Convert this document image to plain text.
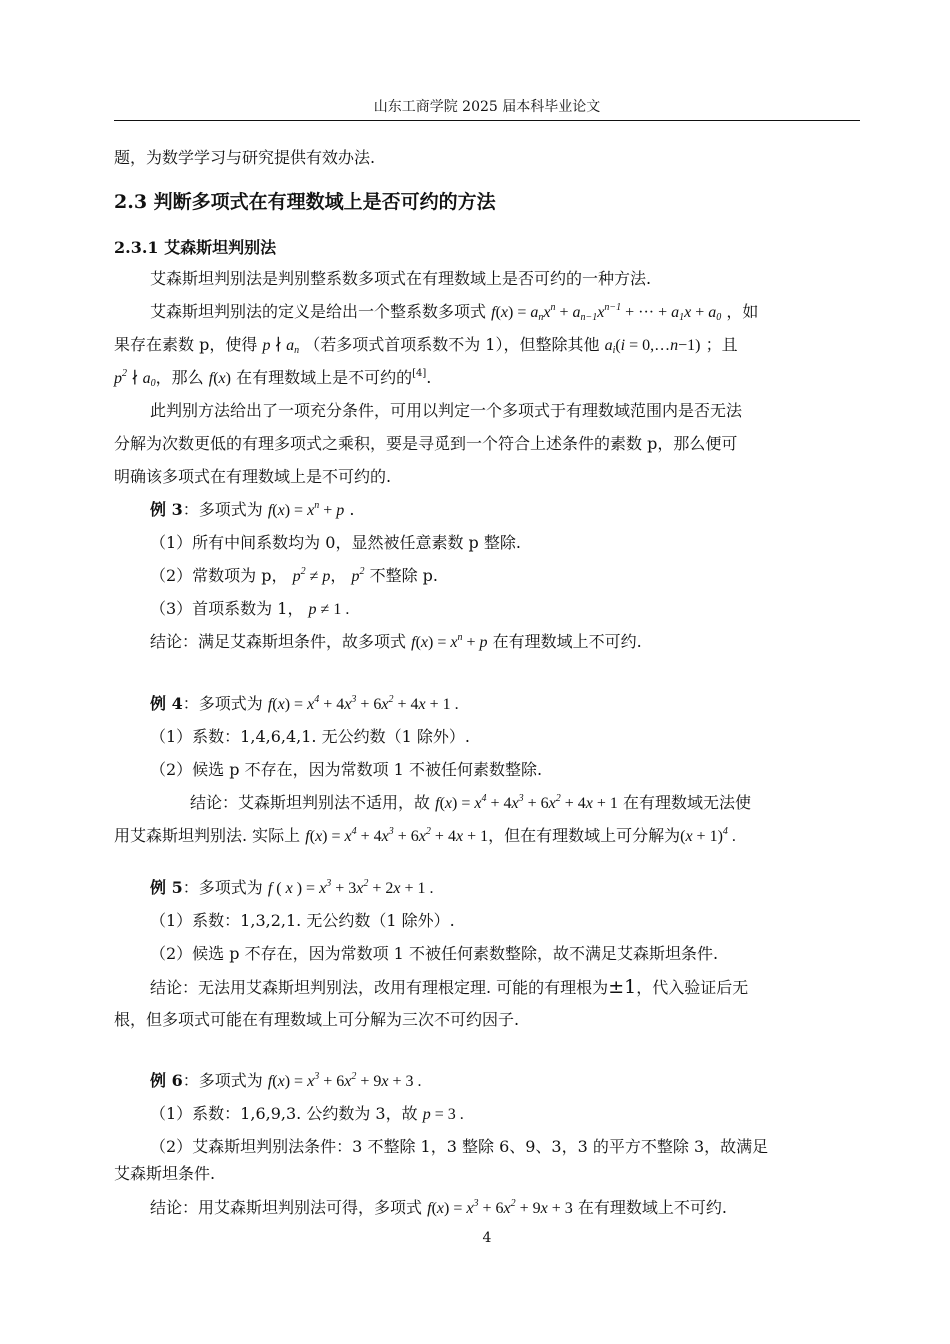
山东工商学院 2025 届本科毕业论文
题，为数学学习与研究提供有效办法.
2.3 判断多项式在有理数域上是否可约的方法
2.3.1 艾森斯坦判别法
艾森斯坦判别法是判别整系数多项式在有理数域上是否可约的一种方法.
艾森斯坦判别法的定义是给出一个整系数多项式 $f(x) = a_nx^n + a_{n-1}x^{n-1}$ + ··· + $a_1x + a_0$ ，如
果存在素数 p，使得 p ∤ $a_n$ （若多项式首项系数不为 1），但整除其他 $a_i(i$ = 0,…n−1) ；且
$p^2$ ∤ $a_0$，那么 f(x) 在有理数域上是不可约的[4].
此判别方法给出了一项充分条件，可用以判定一个多项式于有理数域范围内是否无法
分解为次数更低的有理多项式之乘积，要是寻觅到一个符合上述条件的素数 p，那么便可
明确该多项式在有理数域上是不可约的.
例 3：多项式为 $f(x) = x^n + p$ .
（1）所有中间系数均为 0，显然被任意素数 p 整除.
（2）常数项为 p， $p^2 \ne p$， $p^2$ 不整除 p.
（3）首项系数为 1， p ≠ 1 .
结论：满足艾森斯坦条件，故多项式 $f(x) = x^n + p$ 在有理数域上不可约.
例 4：多项式为 $f(x) = x^4 + 4x^3 + 6x^2 + 4x + 1$ .
（1）系数：1,4,6,4,1. 无公约数（1 除外）.
（2）候选 p 不存在，因为常数项 1 不被任何素数整除.
结论：艾森斯坦判别法不适用，故 $f(x) = x^4 + 4x^3 + 6x^2 + 4x + 1$ 在有理数域无法使
用艾森斯坦判别法. 实际上 $f(x) = x^4 + 4x^3 + 6x^2 + 4x + 1$，但在有理数域上可分解为$(x + 1)^4$ .
例 5：多项式为 f ( x ) = $x^3 + 3x^2 + 2x + 1$ .
（1）系数：1,3,2,1. 无公约数（1 除外）.
（2）候选 p 不存在，因为常数项 1 不被任何素数整除，故不满足艾森斯坦条件.
结论：无法用艾森斯坦判别法，改用有理根定理. 可能的有理根为±1，代入验证后无
根，但多项式可能在有理数域上可分解为三次不可约因子.
例 6：多项式为 $f(x) = x^3 + 6x^2 + 9x + 3$ .
（1）系数：1,6,9,3. 公约数为 3，故 p = 3 .
（2）艾森斯坦判别法条件：3 不整除 1，3 整除 6、9、3，3 的平方不整除 3，故满足
艾森斯坦条件.
结论：用艾森斯坦判别法可得，多项式 $f(x) = x^3 + 6x^2 + 9x + 3$ 在有理数域上不可约.
4
